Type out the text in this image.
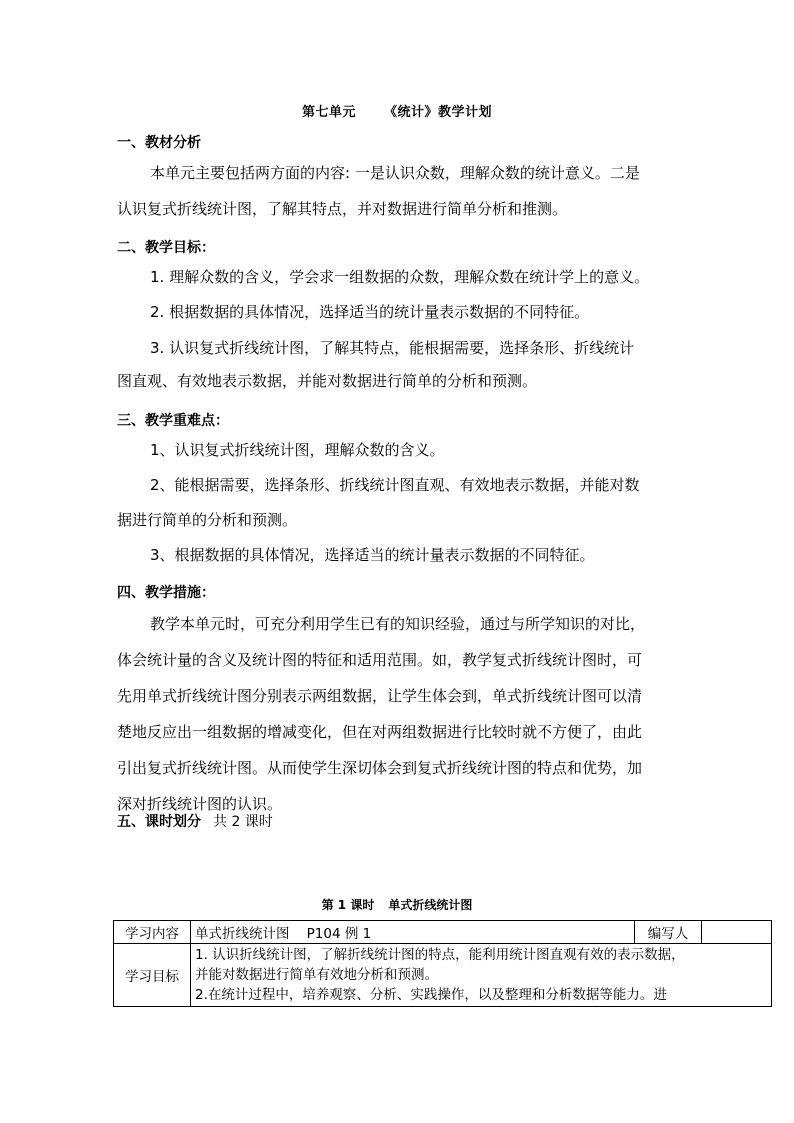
第七单元 《统计》教学计划
一、教材分析
本单元主要包括两方面的内容: 一是认识众数，理解众数的统计意义。二是
认识复式折线统计图，了解其特点，并对数据进行简单分析和推测。
二、教学目标：
1. 理解众数的含义，学会求一组数据的众数，理解众数在统计学上的意义。
2. 根据数据的具体情况，选择适当的统计量表示数据的不同特征。
3. 认识复式折线统计图，了解其特点，能根据需要，选择条形、折线统计
图直观、有效地表示数据，并能对数据进行简单的分析和预测。
三、教学重难点：
1、认识复式折线统计图，理解众数的含义。
2、能根据需要，选择条形、折线统计图直观、有效地表示数据，并能对数
据进行简单的分析和预测。
3、根据数据的具体情况，选择适当的统计量表示数据的不同特征。
四、教学措施：
教学本单元时，可充分利用学生已有的知识经验，通过与所学知识的对比，
体会统计量的含义及统计图的特征和适用范围。如，教学复式折线统计图时，可
先用单式折线统计图分别表示两组数据，让学生体会到，单式折线统计图可以清
楚地反应出一组数据的增减变化，但在对两组数据进行比较时就不方便了，由此
引出复式折线统计图。从而使学生深切体会到复式折线统计图的特点和优势，加
深对折线统计图的认识。
五、课时划分 共 2 课时
第 1 课时 单式折线统计图
学习内容	单式折线统计图    P104 例 1	编写人	
学习目标	1. 认识折线统计图，了解折线统计图的特点，能利用统计图直观有效的表示数据，
并能对数据进行简单有效地分析和预测。
2.在统计过程中，培养观察、分析、实践操作，以及整理和分析数据等能力。进		
